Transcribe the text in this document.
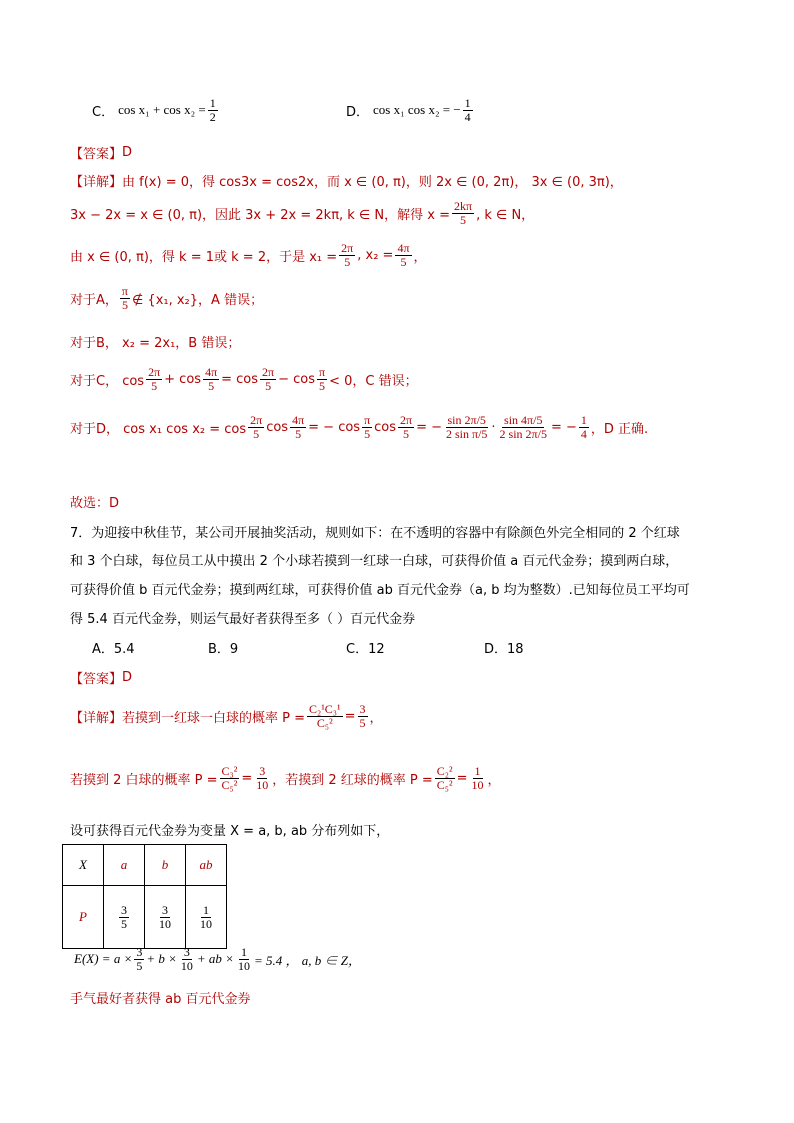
C． $\cos x_1 + \cos x_2 = \frac{1}{2}$	D． cos x₁ cos x₂ = − $\frac{1}{4}$
【答案】 D
【详解】 由 f(x) = 0，得 cos3x = cos2x，而 x ∈ (0, π)，则 2x ∈ (0, 2π)， 3x ∈ (0, 3π)，
3x − 2x = x ∈ (0, π)，因此 3x + 2x = 2kπ, k ∈ N，解得 $x = \frac{2k\pi}{5}$ , k ∈ N，
由 x ∈ (0, π)，得 k = 1或 k = 2，于是 $x_1 = \frac{2\pi}{5}$ , $x_2 = \frac{4\pi}{5}$ ，
对于A， $\frac{\pi}{5}$ ∉ {x₁, x₂}，A 错误；
对于B， x₂ = 2x₁，B 错误；
对于C， $\cos \frac{2\pi}{5} + \cos \frac{4\pi}{5} = \cos \frac{2\pi}{5} - \cos \frac{\pi}{5} < 0$，C 错误；
对于D， cos x₁ $\cos x_2 = \cos \frac{2\pi}{5}$ $\cos \frac{4\pi}{5}$ = − $\cos \frac{\pi}{5}$ $\cos \frac{2\pi}{5}$ = − $\frac{\sin 2\pi/5}{\text{2 sin π/5}} \cdot \frac{\sin 4\pi/5}{2 \sin 2\pi/5}$ = − $\frac{1}{4}$ ，D 正确.
故选：D
7．为迎接中秋佳节，某公司开展抽奖活动，规则如下：在不透明的容器中有除颜色外完全相同的 2 个红球
和 3 个白球，每位员工从中摸出 2 个小球若摸到一红球一白球，可获得价值 a 百元代金券；摸到两白球，
可获得价值 b 百元代金券；摸到两红球，可获得价值 ab 百元代金券（a, b 均为整数）.已知每位员工平均可
得 5.4 百元代金券，则运气最好者获得至多（ ）百元代金券
A．5.4	B．9	C．12	D．18
【答案】 D
【详解】 若摸到一红球一白球的概率 $P = \frac{\text{C₂¹C₃¹}}{\text{C₅²}} = \frac{3}{5}$ ，
若摸到 2 白球的概率 $P = \frac{\text{C₃²}}{\text{C₅²}} = \frac{3}{10}$ ，若摸到 2 红球的概率 $P = \frac{\text{C₂²}}{\text{C₅²}} = \frac{1}{10}$ ，
设可获得百元代金券为变量 X = a, b, ab 分布列如下，
X	a	b	ab
P	$\frac{3}{5}$	$\frac{3}{10}$	$\frac{1}{10}$
$E(X) = a \times \frac{3}{5} + b \times \frac{3}{10}$ + ab × $\frac{1}{10} = 5.4$ ， a, b ∈ Z，
手气最好者获得 ab 百元代金券
